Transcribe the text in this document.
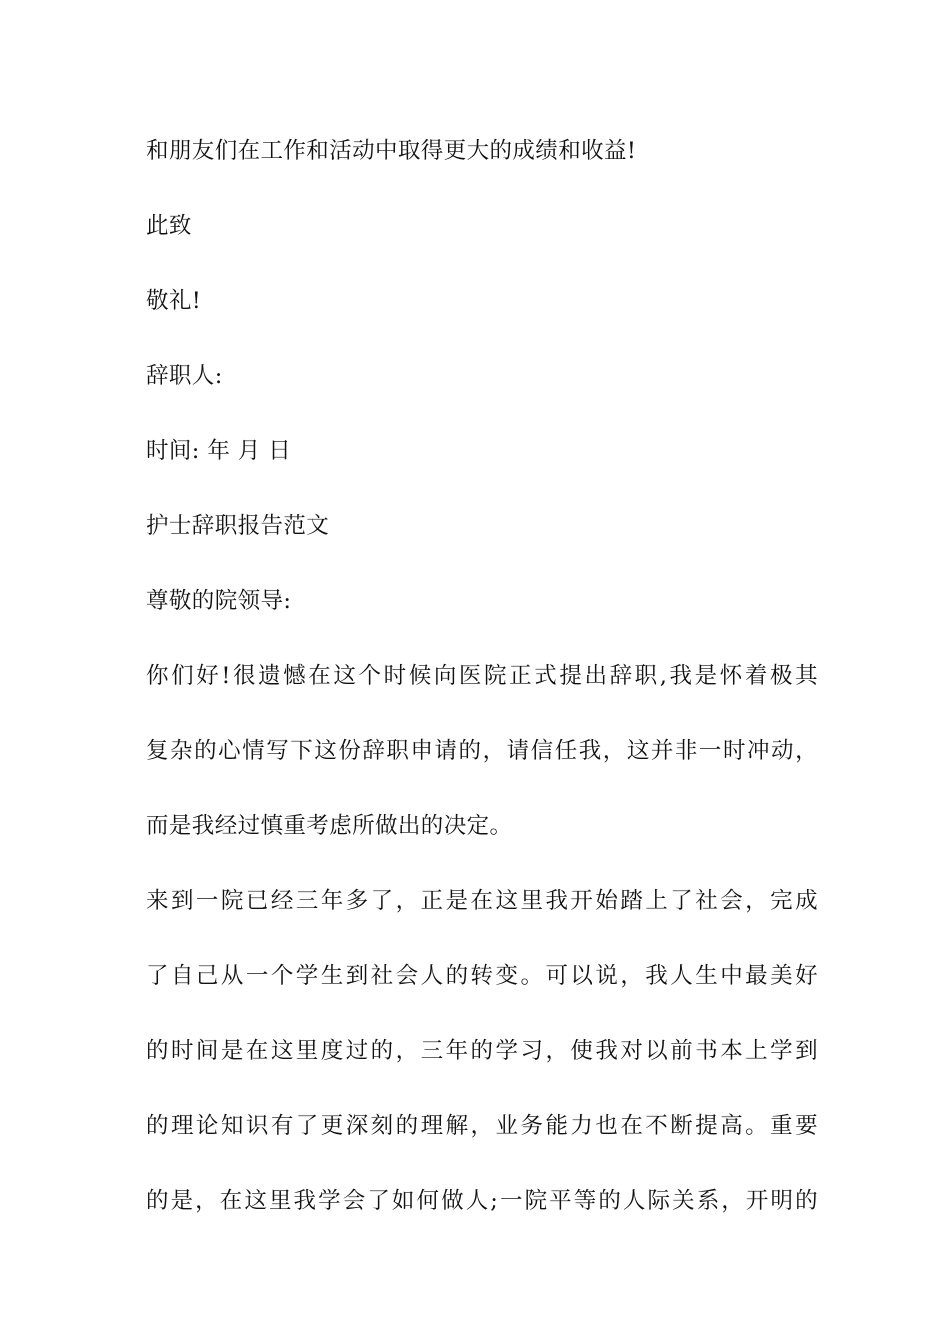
和朋友们在工作和活动中取得更大的成绩和收益!
此致
敬礼!
辞职人:
时间: 年 月 日
护士辞职报告范文
尊敬的院领导:
你们好!很遗憾在这个时候向医院正式提出辞职,我是怀着极其
复杂的心情写下这份辞职申请的，请信任我，这并非一时冲动，
而是我经过慎重考虑所做出的决定。
来到一院已经三年多了，正是在这里我开始踏上了社会，完成
了自己从一个学生到社会人的转变。可以说，我人生中最美好
的时间是在这里度过的，三年的学习，使我对以前书本上学到
的理论知识有了更深刻的理解，业务能力也在不断提高。重要
的是，在这里我学会了如何做人;一院平等的人际关系，开明的
